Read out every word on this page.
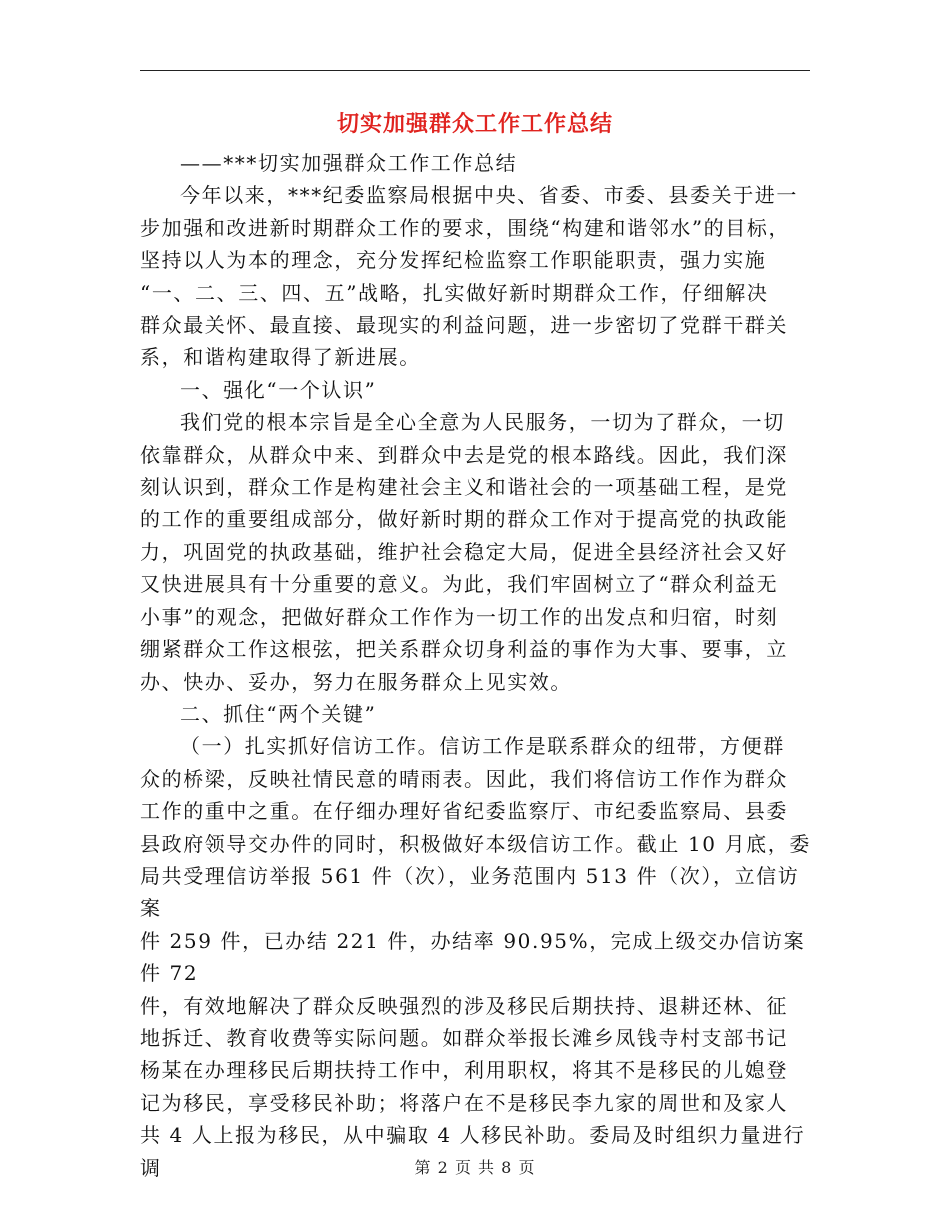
切实加强群众工作工作总结

——***切实加强群众工作工作总结

今年以来，***纪委监察局根据中央、省委、市委、县委关于进一
步加强和改进新时期群众工作的要求，围绕“构建和谐邻水”的目标，
坚持以人为本的理念，充分发挥纪检监察工作职能职责，强力实施
“一、二、三、四、五”战略，扎实做好新时期群众工作，仔细解决
群众最关怀、最直接、最现实的利益问题，进一步密切了党群干群关
系，和谐构建取得了新进展。

一、强化“一个认识”

我们党的根本宗旨是全心全意为人民服务，一切为了群众，一切
依靠群众，从群众中来、到群众中去是党的根本路线。因此，我们深
刻认识到，群众工作是构建社会主义和谐社会的一项基础工程，是党
的工作的重要组成部分，做好新时期的群众工作对于提高党的执政能
力，巩固党的执政基础，维护社会稳定大局，促进全县经济社会又好
又快进展具有十分重要的意义。为此，我们牢固树立了“群众利益无
小事”的观念，把做好群众工作作为一切工作的出发点和归宿，时刻
绷紧群众工作这根弦，把关系群众切身利益的事作为大事、要事，立
办、快办、妥办，努力在服务群众上见实效。

二、抓住“两个关键”

（一）扎实抓好信访工作。信访工作是联系群众的纽带，方便群
众的桥梁，反映社情民意的晴雨表。因此，我们将信访工作作为群众
工作的重中之重。在仔细办理好省纪委监察厅、市纪委监察局、县委
县政府领导交办件的同时，积极做好本级信访工作。截止 10 月底，委
局共受理信访举报 561 件（次），业务范围内 513 件（次），立信访案
件 259 件，已办结 221 件，办结率 90.95%，完成上级交办信访案件 72
件，有效地解决了群众反映强烈的涉及移民后期扶持、退耕还林、征
地拆迁、教育收费等实际问题。如群众举报长滩乡凤钱寺村支部书记
杨某在办理移民后期扶持工作中，利用职权，将其不是移民的儿媳登
记为移民，享受移民补助；将落户在不是移民李九家的周世和及家人
共 4 人上报为移民，从中骗取 4 人移民补助。委局及时组织力量进行调	第 2 页 共 8 页
